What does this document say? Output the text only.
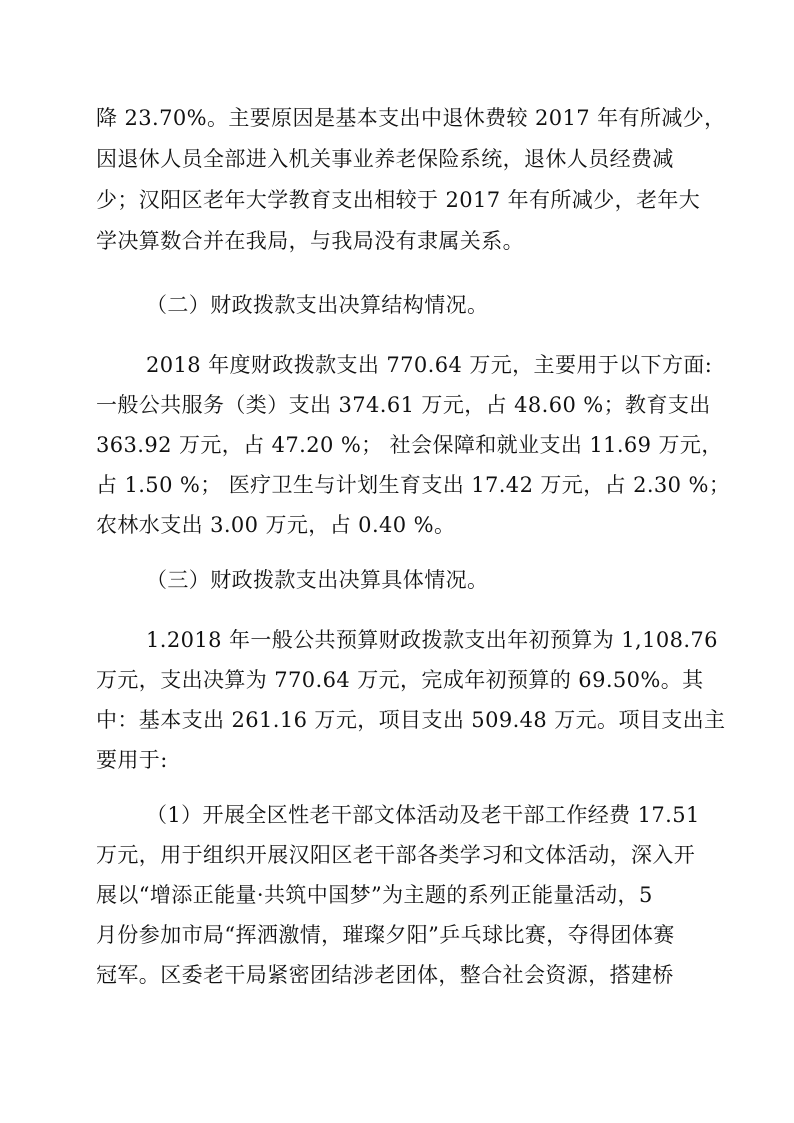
降 23.70%。主要原因是基本支出中退休费较 2017 年有所减少，
因退休人员全部进入机关事业养老保险系统，退休人员经费减
少；汉阳区老年大学教育支出相较于 2017 年有所减少，老年大
学决算数合并在我局，与我局没有隶属关系。
（二）财政拨款支出决算结构情况。
2018 年度财政拨款支出 770.64 万元，主要用于以下方面:
一般公共服务（类）支出 374.61 万元，占 48.60 %；教育支出
363.92 万元，占 47.20 %； 社会保障和就业支出 11.69 万元，
占 1.50 %； 医疗卫生与计划生育支出 17.42 万元，占 2.30 %；
农林水支出 3.00 万元，占 0.40 %。
（三）财政拨款支出决算具体情况。
1.2018 年一般公共预算财政拨款支出年初预算为 1,108.76
万元，支出决算为 770.64 万元，完成年初预算的 69.50%。其
中：基本支出 261.16 万元，项目支出 509.48 万元。项目支出主
要用于:
（1）开展全区性老干部文体活动及老干部工作经费 17.51
万元，用于组织开展汉阳区老干部各类学习和文体活动，深入开
展以“增添正能量·共筑中国梦”为主题的系列正能量活动，5
月份参加市局“挥洒激情，璀璨夕阳”乒乓球比赛，夺得团体赛
冠军。区委老干局紧密团结涉老团体，整合社会资源，搭建桥
